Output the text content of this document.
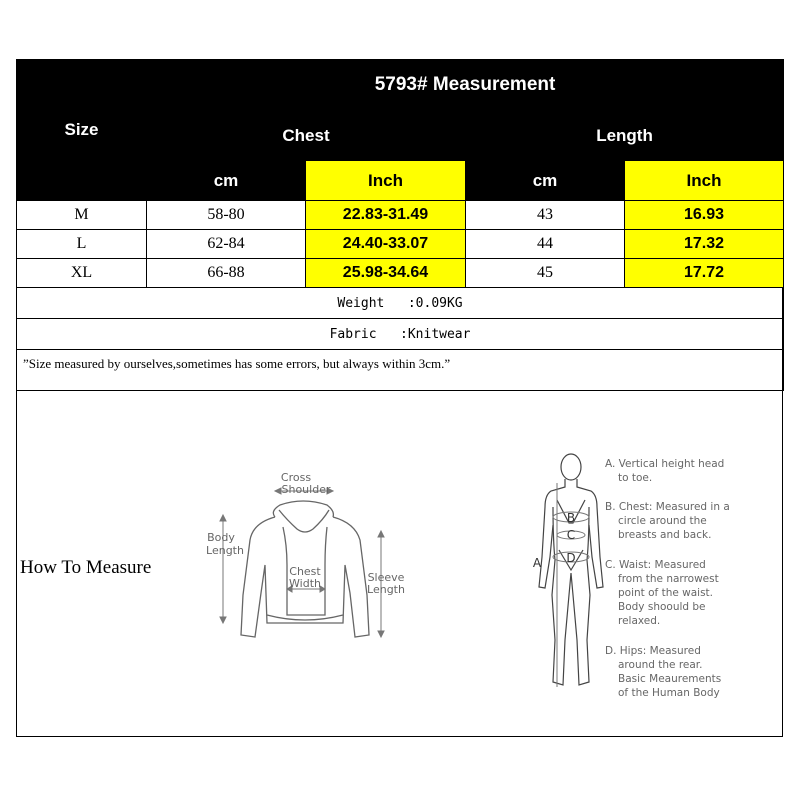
Size	5793# Measurement			
	Chest		Length	
	cm	Inch	cm	Inch
M	58-80	22.83-31.49	43	16.93
L	62-84	24.40-33.07	44	17.32
XL	66-88	25.98-34.64	45	17.72
Weight   :0.09KG				
Fabric   :Knitwear				
”Size measured by ourselves,sometimes has some errors, but always within 3cm.”				
How To Measure
Cross
Shoulder
Body
Length
Chest
Width	Sleeve
Length
A
B
C
D
A. Vertical height head
to toe.
B. Chest: Measured in a
circle around the
breasts and back.
C. Waist: Measured
from the narrowest
point of the waist.
Body shoould be
relaxed.
D. Hips: Measured
around the rear.
Basic Meaurements
of the Human Body
